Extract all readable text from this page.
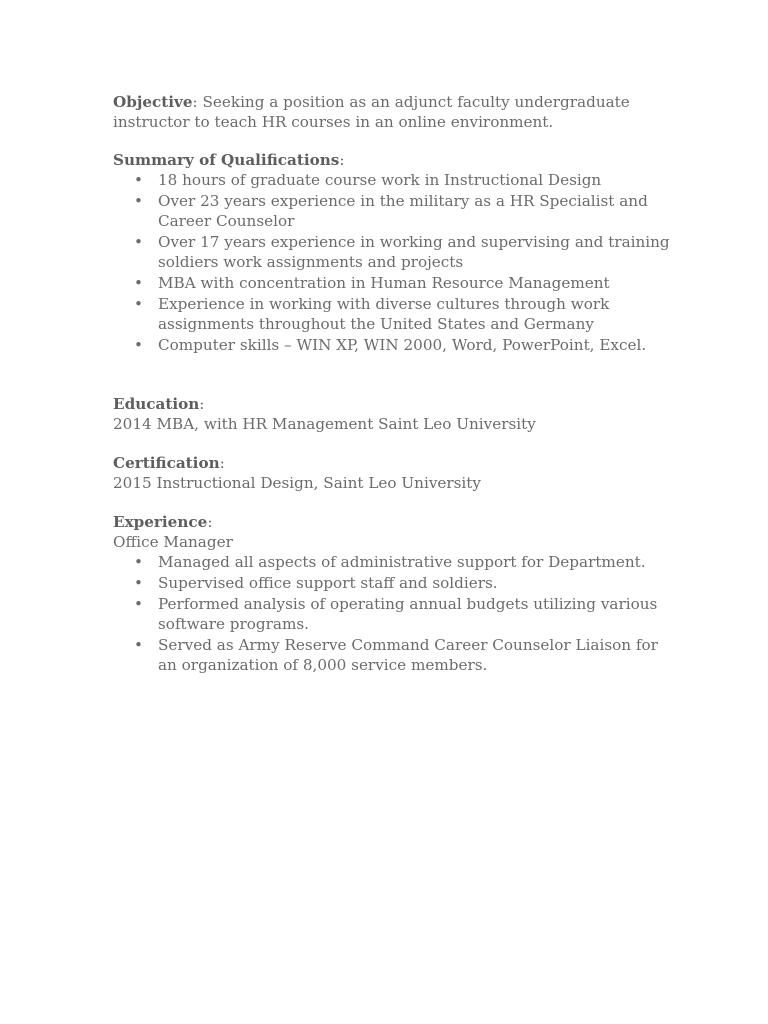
Objective: Seeking a position as an adjunct faculty undergraduate instructor to teach HR courses in an online environment.

Summary of Qualifications:
• 18 hours of graduate course work in Instructional Design
• Over 23 years experience in the military as a HR Specialist and Career Counselor
• Over 17 years experience in working and supervising and training soldiers work assignments and projects
• MBA with concentration in Human Resource Management
• Experience in working with diverse cultures through work assignments throughout the United States and Germany
• Computer skills – WIN XP, WIN 2000, Word, PowerPoint, Excel.
Education:
2014 MBA, with HR Management Saint Leo University
Certification:
2015 Instructional Design, Saint Leo University
Experience:
Office Manager
• Managed all aspects of administrative support for Department.
• Supervised office support staff and soldiers.
• Performed analysis of operating annual budgets utilizing various software programs.
• Served as Army Reserve Command Career Counselor Liaison for an organization of 8,000 service members.
